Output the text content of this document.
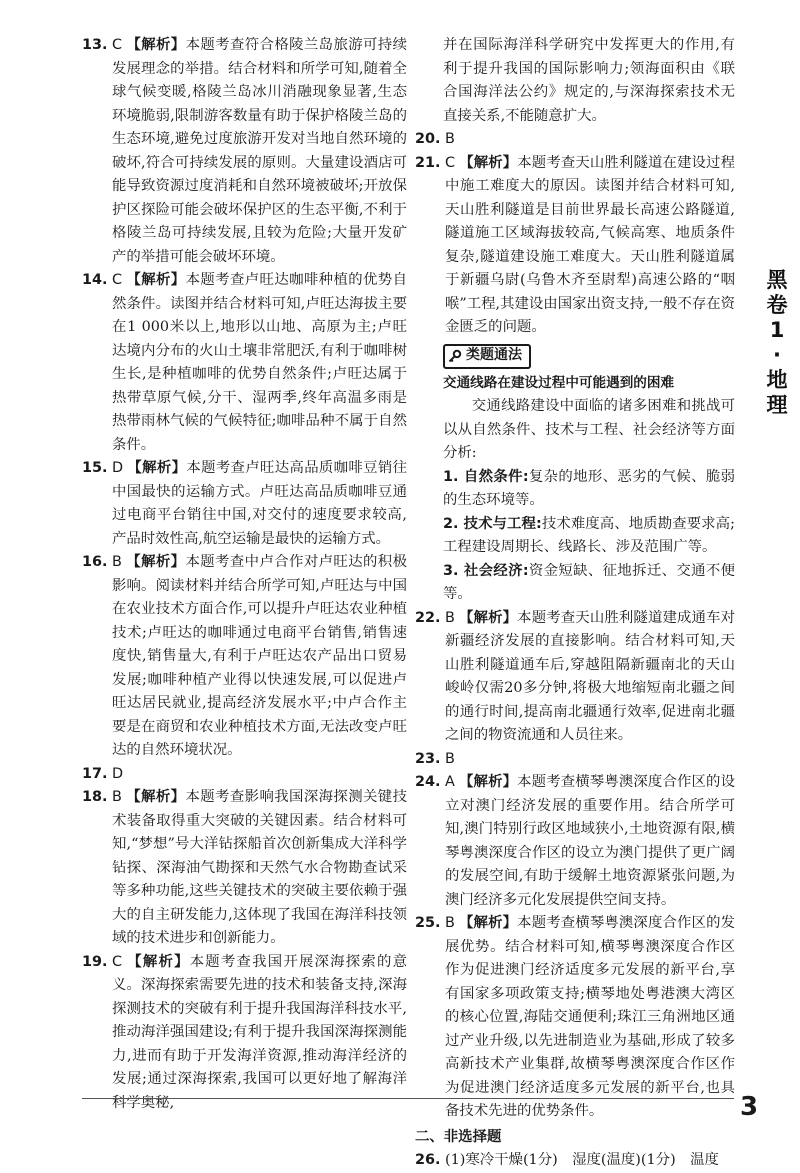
13. C 【解析】本题考查符合格陵兰岛旅游可持续发展理念的举措。结合材料和所学可知,随着全球气候变暖,格陵兰岛冰川消融现象显著,生态环境脆弱,限制游客数量有助于保护格陵兰岛的生态环境,避免过度旅游开发对当地自然环境的破坏,符合可持续发展的原则。大量建设酒店可能导致资源过度消耗和自然环境被破坏;开放保护区探险可能会破坏保护区的生态平衡,不利于格陵兰岛可持续发展,且较为危险;大量开发矿产的举措可能会破坏环境。

14. C 【解析】本题考查卢旺达咖啡种植的优势自然条件。读图并结合材料可知,卢旺达海拔主要在1 000米以上,地形以山地、高原为主;卢旺达境内分布的火山土壤非常肥沃,有利于咖啡树生长,是种植咖啡的优势自然条件;卢旺达属于热带草原气候,分干、湿两季,终年高温多雨是热带雨林气候的气候特征;咖啡品种不属于自然条件。

15. D 【解析】本题考查卢旺达高品质咖啡豆销往中国最快的运输方式。卢旺达高品质咖啡豆通过电商平台销往中国,对交付的速度要求较高,产品时效性高,航空运输是最快的运输方式。

16. B 【解析】本题考查中卢合作对卢旺达的积极影响。阅读材料并结合所学可知,卢旺达与中国在农业技术方面合作,可以提升卢旺达农业种植技术;卢旺达的咖啡通过电商平台销售,销售速度快,销售量大,有利于卢旺达农产品出口贸易发展;咖啡种植产业得以快速发展,可以促进卢旺达居民就业,提高经济发展水平;中卢合作主要是在商贸和农业种植技术方面,无法改变卢旺达的自然环境状况。

17. D

18. B 【解析】本题考查影响我国深海探测关键技术装备取得重大突破的关键因素。结合材料可知,“梦想”号大洋钻探船首次创新集成大洋科学钻探、深海油气勘探和天然气水合物勘查试采等多种功能,这些关键技术的突破主要依赖于强大的自主研发能力,这体现了我国在海洋科技领域的技术进步和创新能力。

19. C 【解析】本题考查我国开展深海探索的意义。深海探索需要先进的技术和装备支持,深海探测技术的突破有利于提升我国海洋科技水平,推动海洋强国建设;有利于提升我国深海探测能力,进而有助于开发海洋资源,推动海洋经济的发展;通过深海探索,我国可以更好地了解海洋科学奥秘,

并在国际海洋科学研究中发挥更大的作用,有利于提升我国的国际影响力;领海面积由《联合国海洋法公约》规定的,与深海探索技术无直接关系,不能随意扩大。

20. B

21. C 【解析】本题考查天山胜利隧道在建设过程中施工难度大的原因。读图并结合材料可知,天山胜利隧道是目前世界最长高速公路隧道,隧道施工区域海拔较高,气候高寒、地质条件复杂,隧道建设施工难度大。天山胜利隧道属于新疆乌尉(乌鲁木齐至尉犁)高速公路的“咽喉”工程,其建设由国家出资支持,一般不存在资金匮乏的问题。

类题通法
交通线路在建设过程中可能遇到的困难
交通线路建设中面临的诸多困难和挑战可以从自然条件、技术与工程、社会经济等方面分析:
1. 自然条件:复杂的地形、恶劣的气候、脆弱的生态环境等。
2. 技术与工程:技术难度高、地质勘查要求高;工程建设周期长、线路长、涉及范围广等。
3. 社会经济:资金短缺、征地拆迁、交通不便等。

22. B 【解析】本题考查天山胜利隧道建成通车对新疆经济发展的直接影响。结合材料可知,天山胜利隧道通车后,穿越阻隔新疆南北的天山峻岭仅需20多分钟,将极大地缩短南北疆之间的通行时间,提高南北疆通行效率,促进南北疆之间的物资流通和人员往来。

23. B

24. A 【解析】本题考查横琴粤澳深度合作区的设立对澳门经济发展的重要作用。结合所学可知,澳门特别行政区地域狭小,土地资源有限,横琴粤澳深度合作区的设立为澳门提供了更广阔的发展空间,有助于缓解土地资源紧张问题,为澳门经济多元化发展提供空间支持。

25. B 【解析】本题考查横琴粤澳深度合作区的发展优势。结合材料可知,横琴粤澳深度合作区作为促进澳门经济适度多元发展的新平台,享有国家多项政策支持;横琴地处粤港澳大湾区的核心位置,海陆交通便利;珠江三角洲地区通过产业升级,以先进制造业为基础,形成了较多高新技术产业集群,故横琴粤澳深度合作区作为促进澳门经济适度多元发展的新平台,也具备技术先进的优势条件。

二、非选择题

26. (1)寒冷干燥(1分)　湿度(温度)(1分)　温度

黑卷1·地理
3
